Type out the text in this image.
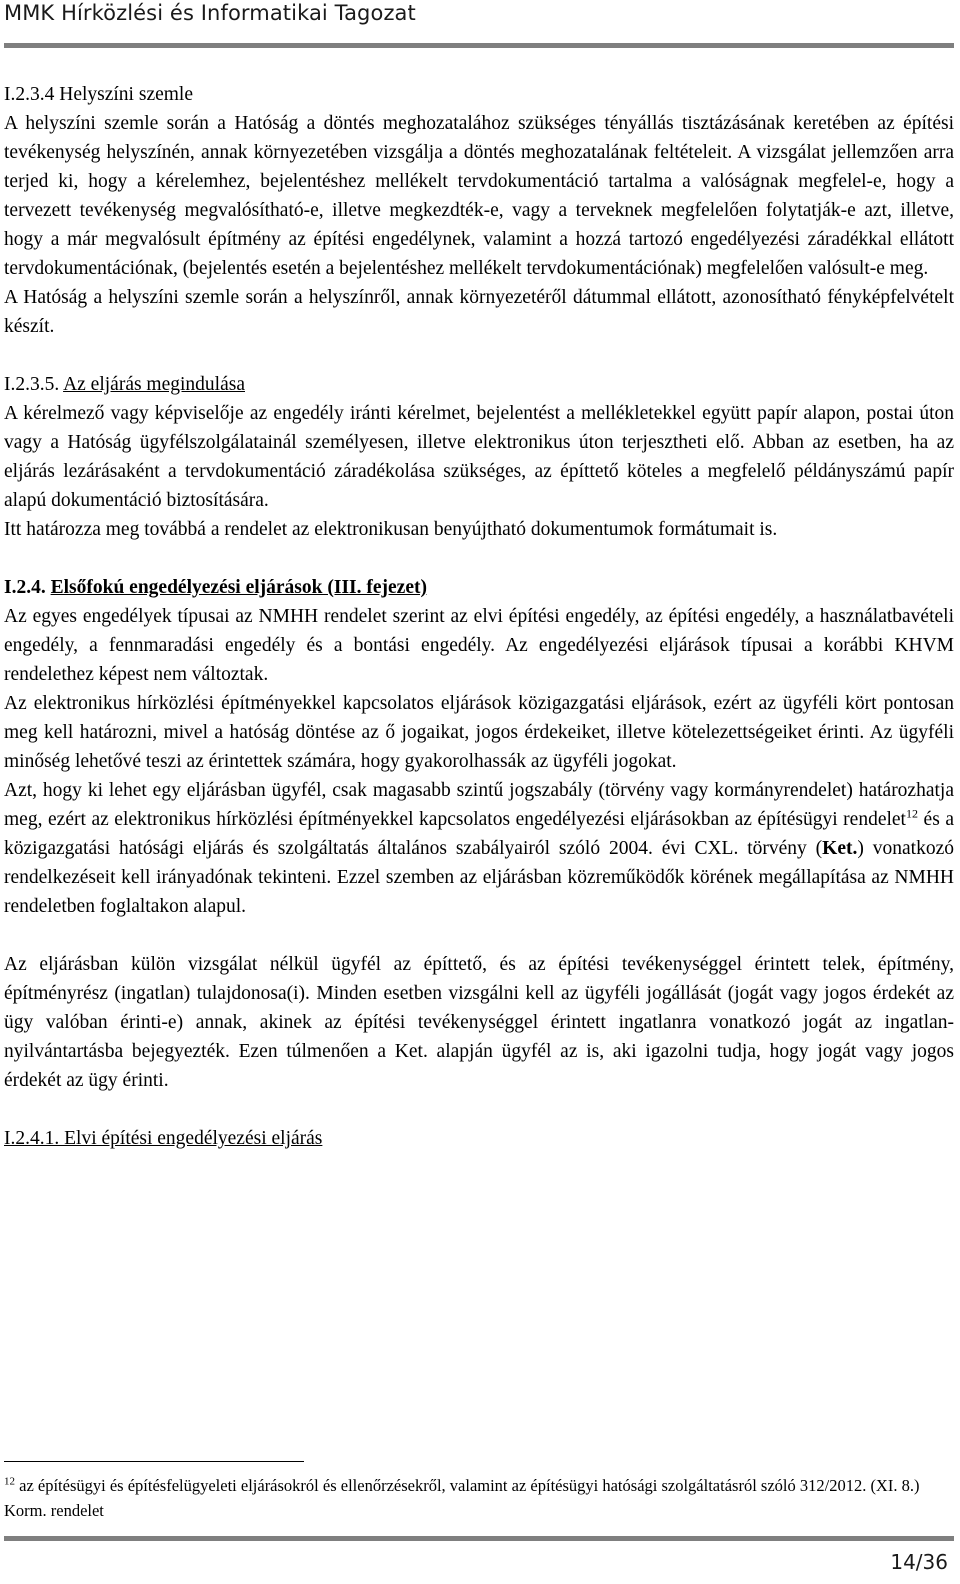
MMK Hírközlési és Informatikai Tagozat
I.2.3.4 Helyszíni szemle

A helyszíni szemle során a Hatóság a döntés meghozatalához szükséges tényállás tisztázásának keretében az építési tevékenység helyszínén, annak környezetében vizsgálja a döntés meghozatalának feltételeit. A vizsgálat jellemzően arra terjed ki, hogy a kérelemhez, bejelentéshez mellékelt tervdokumentáció tartalma a valóságnak megfelel-e, hogy a tervezett tevékenység megvalósítható-e, illetve megkezdték-e, vagy a terveknek megfelelően folytatják-e azt, illetve, hogy a már megvalósult építmény az építési engedélynek, valamint a hozzá tartozó engedélyezési záradékkal ellátott tervdokumentációnak, (bejelentés esetén a bejelentéshez mellékelt tervdokumentációnak) megfelelően valósult-e meg.

A Hatóság a helyszíni szemle során a helyszínről, annak környezetéről dátummal ellátott, azonosítható fényképfelvételt készít.

I.2.3.5. Az eljárás megindulása

A kérelmező vagy képviselője az engedély iránti kérelmet, bejelentést a mellékletekkel együtt papír alapon, postai úton vagy a Hatóság ügyfélszolgálatainál személyesen, illetve elektronikus úton terjesztheti elő. Abban az esetben, ha az eljárás lezárásaként a tervdokumentáció záradékolása szükséges, az építtető köteles a megfelelő példányszámú papír alapú dokumentáció biztosítására.

Itt határozza meg továbbá a rendelet az elektronikusan benyújtható dokumentumok formátumait is.

I.2.4. Elsőfokú engedélyezési eljárások (III. fejezet)

Az egyes engedélyek típusai az NMHH rendelet szerint az elvi építési engedély, az építési engedély, a használatbavételi engedély, a fennmaradási engedély és a bontási engedély. Az engedélyezési eljárások típusai a korábbi KHVM rendelethez képest nem változtak.

Az elektronikus hírközlési építményekkel kapcsolatos eljárások közigazgatási eljárások, ezért az ügyféli kört pontosan meg kell határozni, mivel a hatóság döntése az ő jogaikat, jogos érdekeiket, illetve kötelezettségeiket érinti. Az ügyféli minőség lehetővé teszi az érintettek számára, hogy gyakorolhassák az ügyféli jogokat.

Azt, hogy ki lehet egy eljárásban ügyfél, csak magasabb szintű jogszabály (törvény vagy kormányrendelet) határozhatja meg, ezért az elektronikus hírközlési építményekkel kapcsolatos engedélyezési eljárásokban az építésügyi rendelet$^{12}$ és a közigazgatási hatósági eljárás és szolgáltatás általános szabályairól szóló 2004. évi CXL. törvény (Ket.) vonatkozó rendelkezéseit kell irányadónak tekinteni. Ezzel szemben az eljárásban közreműködők körének megállapítása az NMHH rendeletben foglaltakon alapul.

Az eljárásban külön vizsgálat nélkül ügyfél az építtető, és az építési tevékenységgel érintett telek, építmény, építményrész (ingatlan) tulajdonosa(i). Minden esetben vizsgálni kell az ügyféli jogállását (jogát vagy jogos érdekét az ügy valóban érinti-e) annak, akinek az építési tevékenységgel érintett ingatlanra vonatkozó jogát az ingatlan-nyilvántartásba bejegyezték. Ezen túlmenően a Ket. alapján ügyfél az is, aki igazolni tudja, hogy jogát vagy jogos érdekét az ügy érinti.

I.2.4.1. Elvi építési engedélyezési eljárás
$^{12}$ az építésügyi és építésfelügyeleti eljárásokról és ellenőrzésekről, valamint az építésügyi hatósági szolgáltatásról szóló 312/2012. (XI. 8.) Korm. rendelet
14/36
